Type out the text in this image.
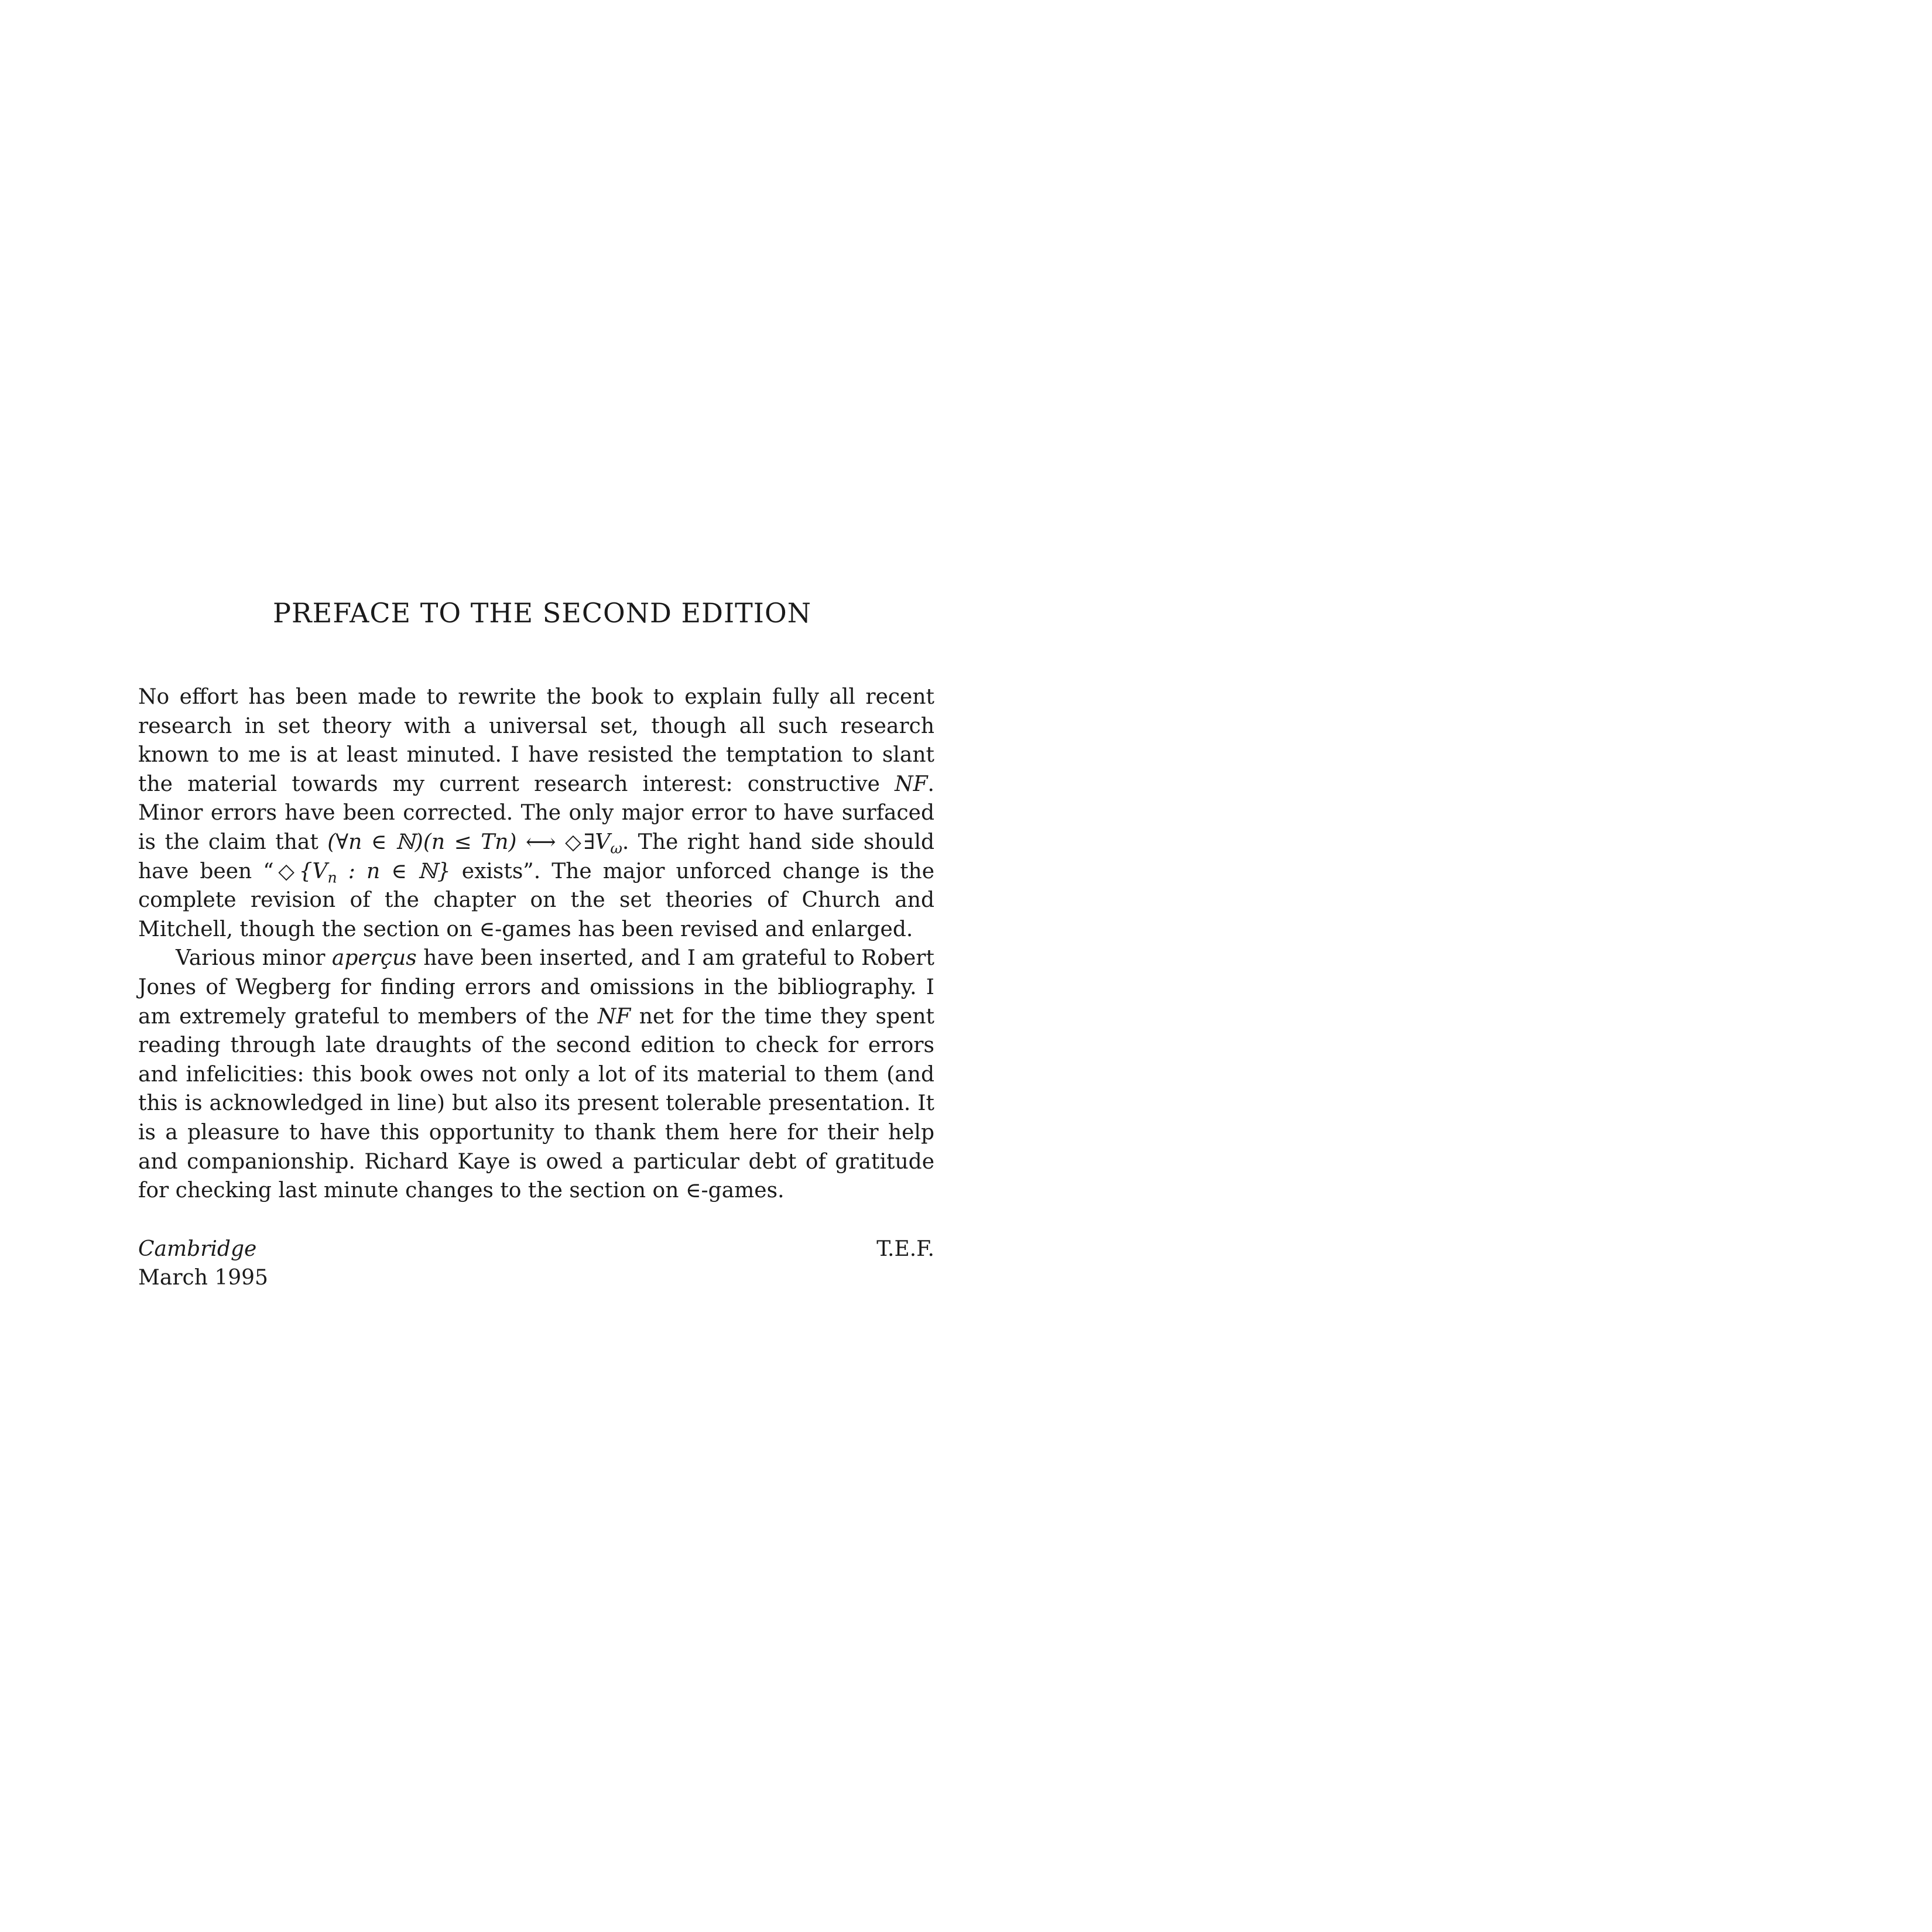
PREFACE TO THE SECOND EDITION

No effort has been made to rewrite the book to explain fully all recent research in set theory with a universal set, though all such research known to me is at least minuted. I have resisted the temptation to slant the material towards my current research interest: constructive NF. Minor errors have been corrected. The only major error to have surfaced is the claim that (∀n ∈ ℕ)(n ≤ Tn) ⟷ $◇\exists V_\omega$. The right hand side should have been “$◇\{V_n$ : n ∈ ℕ} exists”. The major unforced change is the complete revision of the chapter on the set theories of Church and Mitchell, though the section on ∈-games has been revised and enlarged.

Various minor aperçus have been inserted, and I am grateful to Robert Jones of Wegberg for finding errors and omissions in the bibliography. I am extremely grateful to members of the NF net for the time they spent reading through late draughts of the second edition to check for errors and infelicities: this book owes not only a lot of its material to them (and this is acknowledged in line) but also its present tolerable presentation. It is a pleasure to have this opportunity to thank them here for their help and companionship. Richard Kaye is owed a particular debt of gratitude for checking last minute changes to the section on ∈-games.

Cambridge
March 1995
T.E.F.
